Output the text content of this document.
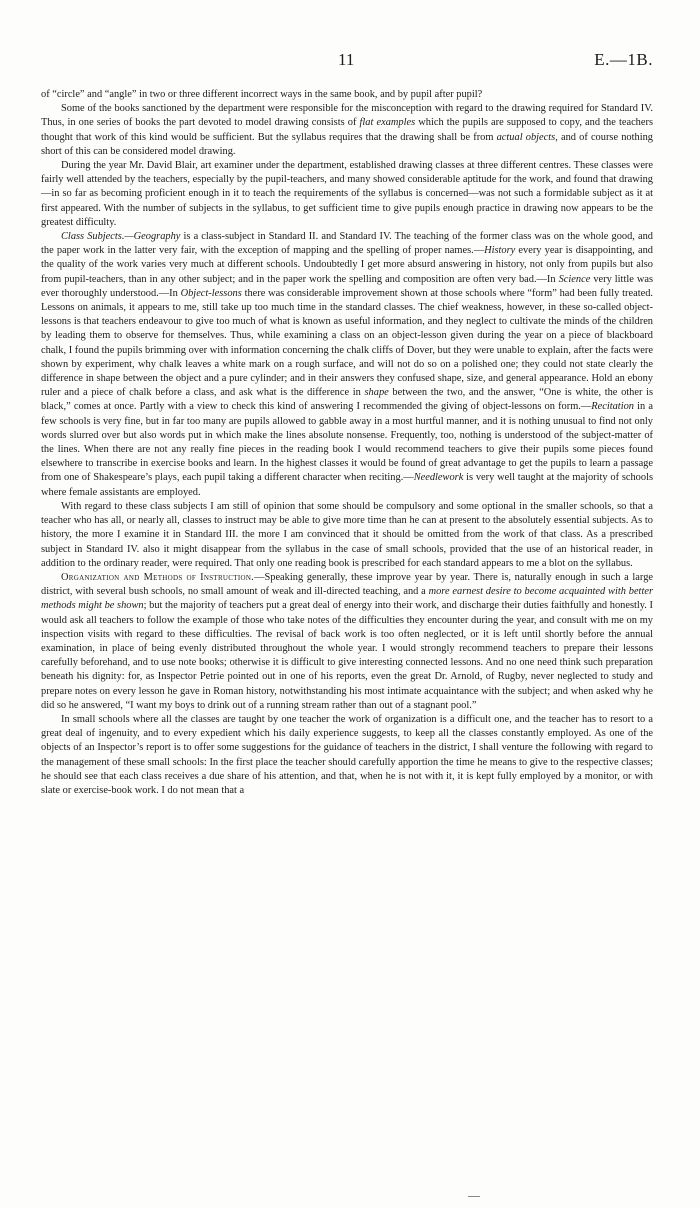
11	E.—1B.

of “circle” and “angle” in two or three different incorrect ways in the same book, and by pupil after pupil?

Some of the books sanctioned by the department were responsible for the misconception with regard to the drawing required for Standard IV. Thus, in one series of books the part devoted to model drawing consists of flat examples which the pupils are supposed to copy, and the teachers thought that work of this kind would be sufficient. But the syllabus requires that the drawing shall be from actual objects, and of course nothing short of this can be considered model drawing.

During the year Mr. David Blair, art examiner under the department, established drawing classes at three different centres. These classes were fairly well attended by the teachers, especially by the pupil-teachers, and many showed considerable aptitude for the work, and found that drawing—in so far as becoming proficient enough in it to teach the requirements of the syllabus is concerned—was not such a formidable subject as it at first appeared. With the number of subjects in the syllabus, to get sufficient time to give pupils enough practice in drawing now appears to be the greatest difficulty.

Class Subjects.—Geography is a class-subject in Standard II. and Standard IV. The teaching of the former class was on the whole good, and the paper work in the latter very fair, with the exception of mapping and the spelling of proper names.—History every year is disappointing, and the quality of the work varies very much at different schools. Undoubtedly I get more absurd answering in history, not only from pupils but also from pupil-teachers, than in any other subject; and in the paper work the spelling and composition are often very bad.—In Science very little was ever thoroughly understood.—In Object-lessons there was considerable improvement shown at those schools where “form” had been fully treated. Lessons on animals, it appears to me, still take up too much time in the standard classes. The chief weakness, however, in these so-called object-lessons is that teachers endeavour to give too much of what is known as useful information, and they neglect to cultivate the minds of the children by leading them to observe for themselves. Thus, while examining a class on an object-lesson given during the year on a piece of blackboard chalk, I found the pupils brimming over with information concerning the chalk cliffs of Dover, but they were unable to explain, after the facts were shown by experiment, why chalk leaves a white mark on a rough surface, and will not do so on a polished one; they could not state clearly the difference in shape between the object and a pure cylinder; and in their answers they confused shape, size, and general appearance. Hold an ebony ruler and a piece of chalk before a class, and ask what is the difference in shape between the two, and the answer, “One is white, the other is black,” comes at once. Partly with a view to check this kind of answering I recommended the giving of object-lessons on form.—Recitation in a few schools is very fine, but in far too many are pupils allowed to gabble away in a most hurtful manner, and it is nothing unusual to find not only words slurred over but also words put in which make the lines absolute nonsense. Frequently, too, nothing is understood of the subject-matter of the lines. When there are not any really fine pieces in the reading book I would recommend teachers to give their pupils some pieces found elsewhere to transcribe in exercise books and learn. In the highest classes it would be found of great advantage to get the pupils to learn a passage from one of Shakespeare’s plays, each pupil taking a different character when reciting.—Needlework is very well taught at the majority of schools where female assistants are employed.

With regard to these class subjects I am still of opinion that some should be compulsory and some optional in the smaller schools, so that a teacher who has all, or nearly all, classes to instruct may be able to give more time than he can at present to the absolutely essential subjects. As to history, the more I examine it in Standard III. the more I am convinced that it should be omitted from the work of that class. As a prescribed subject in Standard IV. also it might disappear from the syllabus in the case of small schools, provided that the use of an historical reader, in addition to the ordinary reader, were required. That only one reading book is prescribed for each standard appears to me a blot on the syllabus.

Organization and Methods of Instruction.—Speaking generally, these improve year by year. There is, naturally enough in such a large district, with several bush schools, no small amount of weak and ill-directed teaching, and a more earnest desire to become acquainted with better methods might be shown; but the majority of teachers put a great deal of energy into their work, and discharge their duties faithfully and honestly. I would ask all teachers to follow the example of those who take notes of the difficulties they encounter during the year, and consult with me on my inspection visits with regard to these difficulties. The revisal of back work is too often neglected, or it is left until shortly before the annual examination, in place of being evenly distributed throughout the whole year. I would strongly recommend teachers to prepare their lessons carefully beforehand, and to use note books; otherwise it is difficult to give interesting connected lessons. And no one need think such preparation beneath his dignity: for, as Inspector Petrie pointed out in one of his reports, even the great Dr. Arnold, of Rugby, never neglected to study and prepare notes on every lesson he gave in Roman history, notwithstanding his most intimate acquaintance with the subject; and when asked why he did so he answered, “I want my boys to drink out of a running stream rather than out of a stagnant pool.”

In small schools where all the classes are taught by one teacher the work of organization is a difficult one, and the teacher has to resort to a great deal of ingenuity, and to every expedient which his daily experience suggests, to keep all the classes constantly employed. As one of the objects of an Inspector’s report is to offer some suggestions for the guidance of teachers in the district, I shall venture the following with regard to the management of these small schools: In the first place the teacher should carefully apportion the time he means to give to the respective classes; he should see that each class receives a due share of his attention, and that, when he is not with it, it is kept fully employed by a monitor, or with slate or exercise-book work. I do not mean that a
